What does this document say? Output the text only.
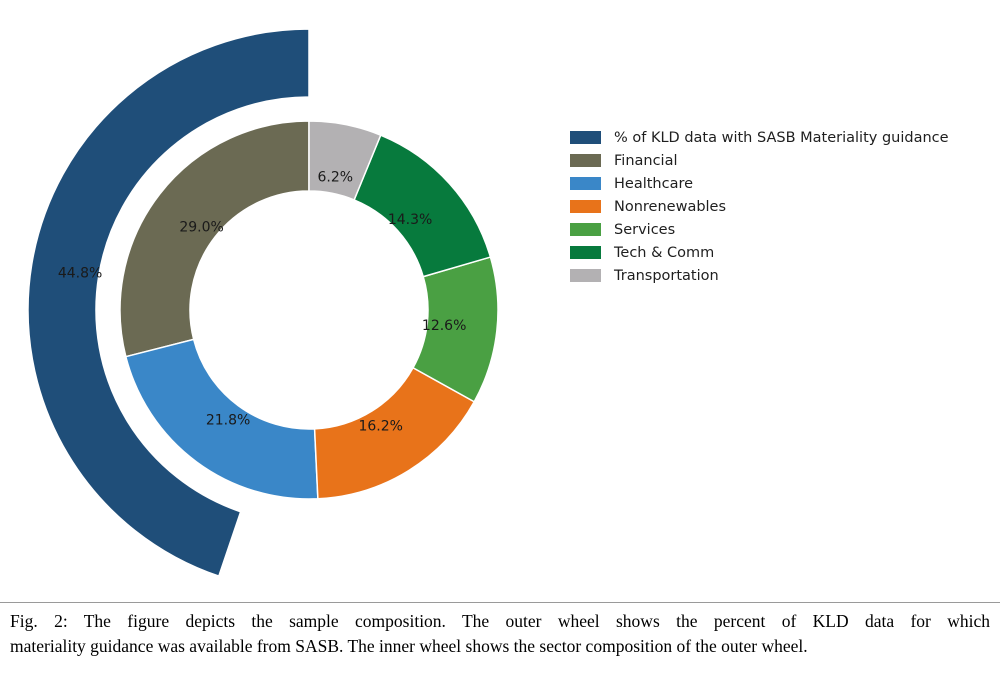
44.8%
29.0%
21.8%	16.2%
12.6%
14.3%
6.2%
% of KLD data with SASB Materiality guidance
Financial
Healthcare
Nonrenewables
Services
Tech & Comm
Transportation
Fig. 2: The figure depicts the sample composition. The outer wheel shows the percent of KLD data for which
materiality guidance was available from SASB. The inner wheel shows the sector composition of the outer wheel.
